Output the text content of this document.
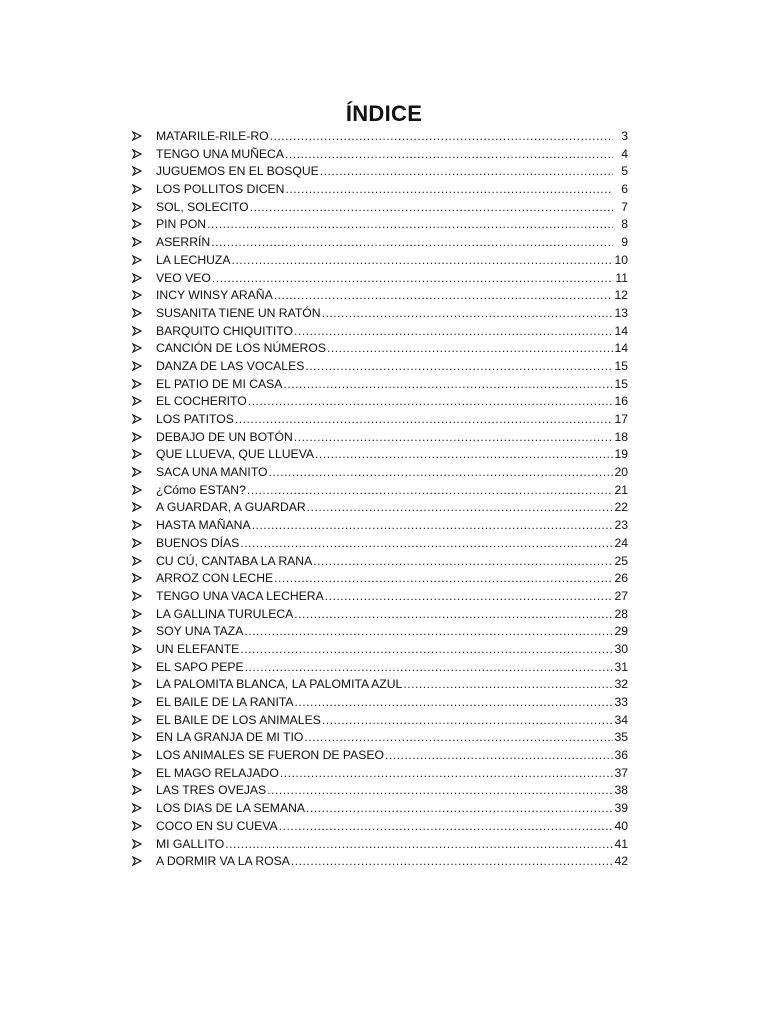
ÍNDICE
MATARILE-RILE-RO .....	3
TENGO UNA MUÑECA .....	4
JUGUEMOS EN EL BOSQUE .....	5
LOS POLLITOS DICEN .....	6
SOL, SOLECITO .....	7
PIN PON .....	8
ASERRÍN .....	9
LA LECHUZA .....	10
VEO VEO .....	11
INCY WINSY ARAÑA .....	12
SUSANITA TIENE UN RATÓN .....	13
BARQUITO CHIQUITITO .....	14
CANCIÓN DE LOS NÚMEROS .....	14
DANZA DE LAS VOCALES .....	15
EL PATIO DE MI CASA .....	15
EL COCHERITO .....	16
LOS PATITOS .....	17
DEBAJO DE UN BOTÓN .....	18
QUE LLUEVA, QUE LLUEVA .....	19
SACA UNA MANITO .....	20
¿Cómo ESTAN? .....	21
A GUARDAR, A GUARDAR .....	22
HASTA MAÑANA .....	23
BUENOS DÍAS .....	24
CU CÚ, CANTABA LA RANA .....	25
ARROZ CON LECHE .....	26
TENGO UNA VACA LECHERA .....	27
LA GALLINA TURULECA .....	28
SOY UNA TAZA .....	29
UN ELEFANTE .....	30
EL SAPO PEPE .....	31
LA PALOMITA BLANCA, LA PALOMITA AZUL .....	32
EL BAILE DE LA RANITA .....	33
EL BAILE DE LOS ANIMALES .....	34
EN LA GRANJA DE MI TIO .....	35
LOS ANIMALES SE FUERON DE PASEO .....	36
EL MAGO RELAJADO .....	37
LAS TRES OVEJAS .....	38
LOS DIAS DE LA SEMANA .....	39
COCO EN SU CUEVA .....	40
MI GALLITO .....	41
A DORMIR VA LA ROSA .....	42
